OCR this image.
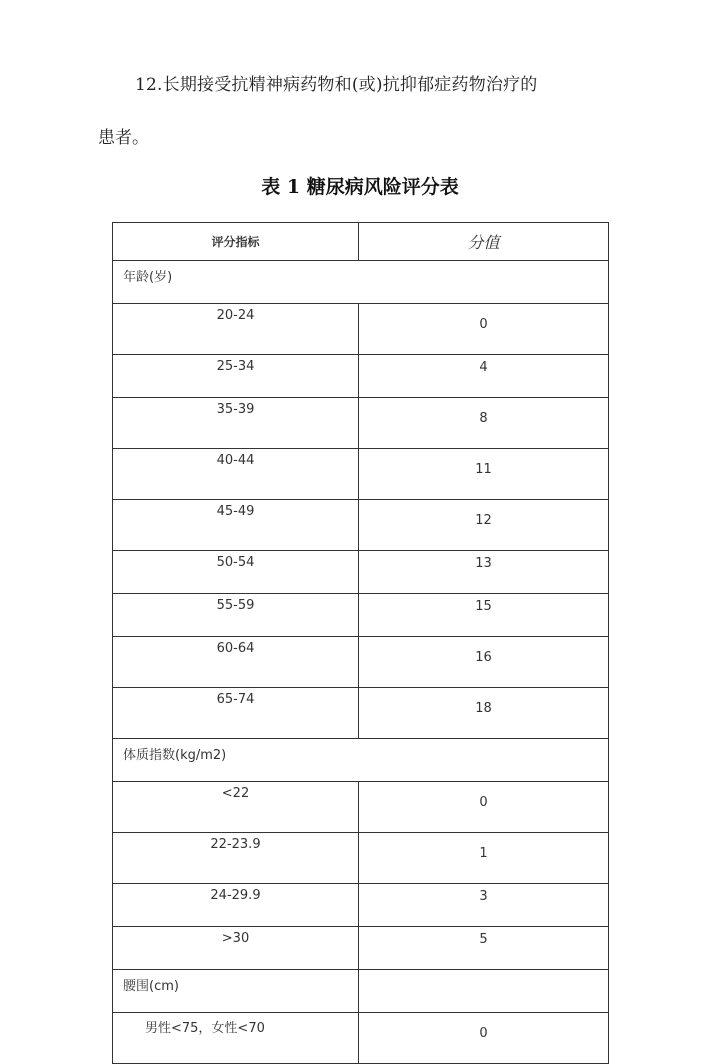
12.长期接受抗精神病药物和(或)抗抑郁症药物治疗的

患者。

表 1 糖尿病风险评分表
评分指标	分值
年龄(岁)	
20-24	0
25-34	4
35-39	8
40-44	11
45-49	12
50-54	13
55-59	15
60-64	16
65-74	18
体质指数(kg/m2)	
<22	0
22-23.9	1
24-29.9	3
>30	5
腰围(cm)	
男性<75，女性<70	0
